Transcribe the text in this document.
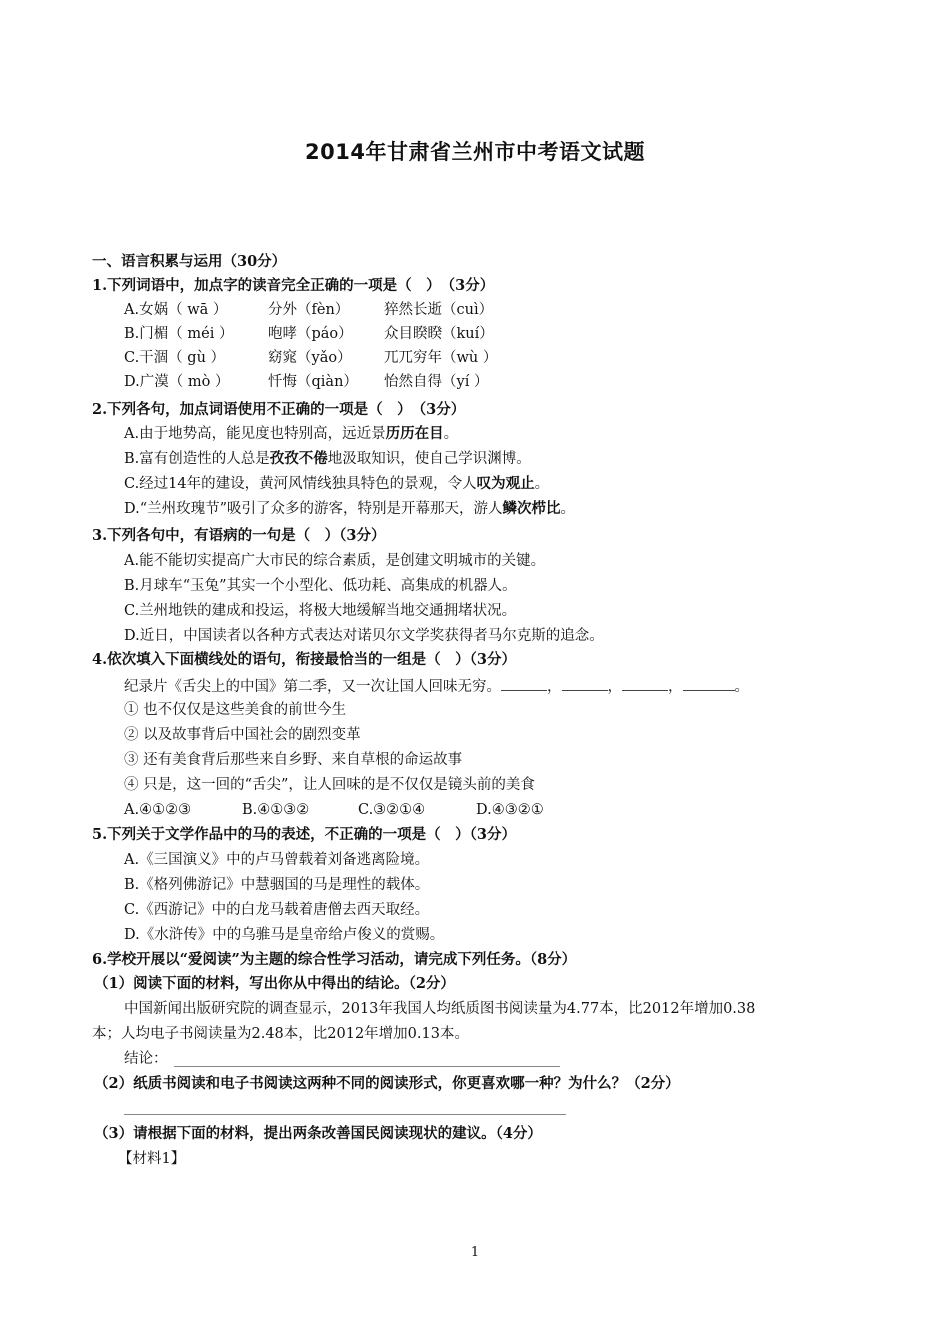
2014年甘肃省兰州市中考语文试题
一、语言积累与运用（30分）
1.下列词语中，加点字的读音完全正确的一项是（　）　（3分）
A.女娲（ wā ）	分外（fèn） 猝然长逝（cuì）
B.门楣（ méi ） 咆哮（páo） 众目睽睽（kuí）
C.干涸（ gù ）	窈窕（yǎo） 兀兀穷年（wù ）
D.广漠（ mò ）	忏悔（qiàn） 怡然自得（yí ）
2.下列各句，加点词语使用不正确的一项是（　）　（3分）
A.由于地势高，能见度也特别高，远近景历历在目。
B.富有创造性的人总是孜孜不倦地汲取知识，使自己学识渊博。
C.经过14年的建设，黄河风情线独具特色的景观，令人叹为观止。
D.“兰州玫瑰节”吸引了众多的游客，特别是开幕那天，游人鳞次栉比。
3.下列各句中，有语病的一句是（　）（3分）
A.能不能切实提高广大市民的综合素质，是创建文明城市的关键。
B.月球车“玉兔”其实一个小型化、低功耗、高集成的机器人。
C.兰州地铁的建成和投运，将极大地缓解当地交通拥堵状况。
D.近日，中国读者以各种方式表达对诺贝尔文学奖获得者马尔克斯的追念。
4.依次填入下面横线处的语句，衔接最恰当的一组是（　）（3分）
纪录片《舌尖上的中国》第二季，又一次让国人回味无穷。	，	，	，	。
① 也不仅仅是这些美食的前世今生
② 以及故事背后中国社会的剧烈变革
③ 还有美食背后那些来自乡野、来自草根的命运故事
④ 只是，这一回的“舌尖”，让人回味的是不仅仅是镜头前的美食
A.④①②③	B.④①③②	C.③②①④	D.④③②①
5.下列关于文学作品中的马的表述，不正确的一项是（　）（3分）
A.《三国演义》中的卢马曾载着刘备逃离险境。
B.《格列佛游记》中慧骃国的马是理性的载体。
C.《西游记》中的白龙马载着唐僧去西天取经。
D.《水浒传》中的乌骓马是皇帝给卢俊义的赏赐。
6.学校开展以“爱阅读”为主题的综合性学习活动，请完成下列任务。（8分）
（1）阅读下面的材料，写出你从中得出的结论。（2分）
中国新闻出版研究院的调查显示，2013年我国人均纸质图书阅读量为4.77本，比2012年增加0.38
本；人均电子书阅读量为2.48本，比2012年增加0.13本。
结论：
（2）纸质书阅读和电子书阅读这两种不同的阅读形式，你更喜欢哪一种？为什么？（2分）
（3）请根据下面的材料，提出两条改善国民阅读现状的建议。（4分）
【材料1】
1
